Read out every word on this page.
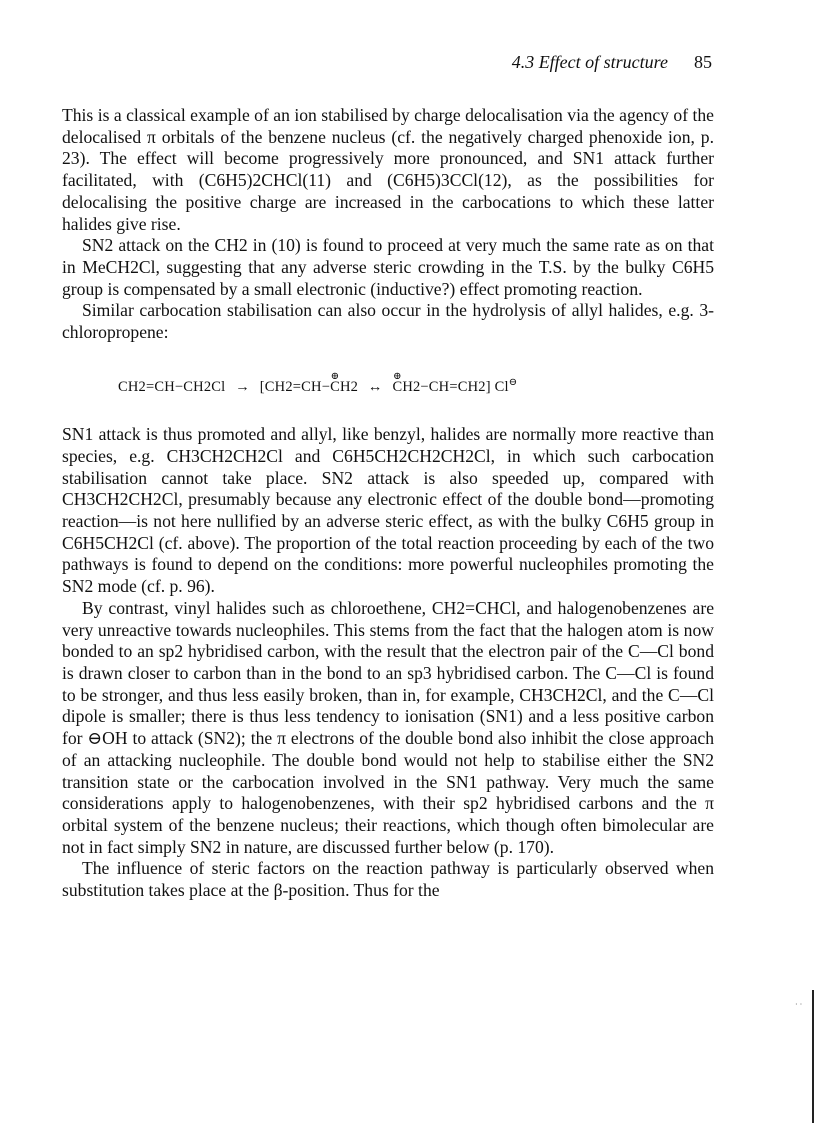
4.3 Effect of structure 85

This is a classical example of an ion stabilised by charge delocalisation via the agency of the delocalised π orbitals of the benzene nucleus (cf. the negatively charged phenoxide ion, p. 23). The effect will become progressively more pronounced, and SN1 attack further facilitated, with (C6H5)2CHCl(11) and (C6H5)3CCl(12), as the possibilities for delocalising the positive charge are increased in the carbocations to which these latter halides give rise.

SN2 attack on the CH2 in (10) is found to proceed at very much the same rate as on that in MeCH2Cl, suggesting that any adverse steric crowding in the T.S. by the bulky C6H5 group is compensated by a small electronic (inductive?) effect promoting reaction.

Similar carbocation stabilisation can also occur in the hydrolysis of allyl halides, e.g. 3-chloropropene:

CH2=CH−CH2Cl → [CH2=CH−⊕ CH2 ↔ ⊕ CH2−CH=CH2] Cl⊖

SN1 attack is thus promoted and allyl, like benzyl, halides are normally more reactive than species, e.g. CH3CH2CH2Cl and C6H5CH2CH2CH2Cl, in which such carbocation stabilisation cannot take place. SN2 attack is also speeded up, compared with CH3CH2CH2Cl, presumably because any electronic effect of the double bond—promoting reaction—is not here nullified by an adverse steric effect, as with the bulky C6H5 group in C6H5CH2Cl (cf. above). The proportion of the total reaction proceeding by each of the two pathways is found to depend on the conditions: more powerful nucleophiles promoting the SN2 mode (cf. p. 96).

By contrast, vinyl halides such as chloroethene, CH2=CHCl, and halogenobenzenes are very unreactive towards nucleophiles. This stems from the fact that the halogen atom is now bonded to an sp2 hybridised carbon, with the result that the electron pair of the C—Cl bond is drawn closer to carbon than in the bond to an sp3 hybridised carbon. The C—Cl is found to be stronger, and thus less easily broken, than in, for example, CH3CH2Cl, and the C—Cl dipole is smaller; there is thus less tendency to ionisation (SN1) and a less positive carbon for ⊖OH to attack (SN2); the π electrons of the double bond also inhibit the close approach of an attacking nucleophile. The double bond would not help to stabilise either the SN2 transition state or the carbocation involved in the SN1 pathway. Very much the same considerations apply to halogenobenzenes, with their sp2 hybridised carbons and the π orbital system of the benzene nucleus; their reactions, which though often bimolecular are not in fact simply SN2 in nature, are discussed further below (p. 170).

The influence of steric factors on the reaction pathway is particularly observed when substitution takes place at the β-position. Thus for the

· ·
